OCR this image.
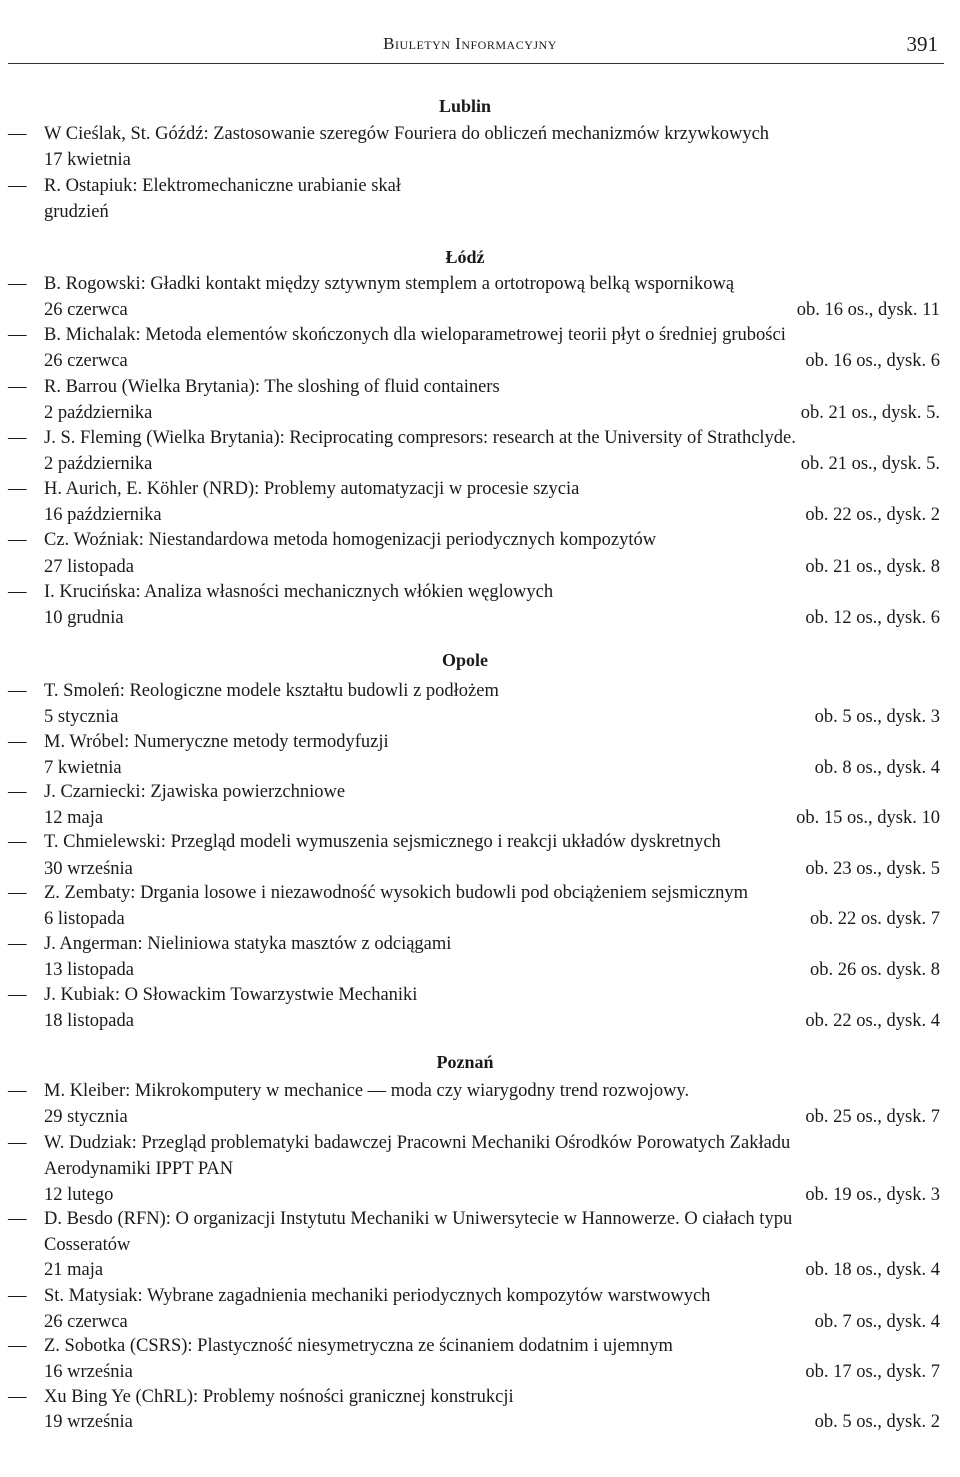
Biuletyn Informacyjny	391
Lublin
— W Cieślak, St. Góźdź: Zastosowanie szeregów Fouriera do obliczeń mechanizmów krzywkowych
17 kwietnia
— R. Ostapiuk: Elektromechaniczne urabianie skał
grudzień
Łódź
— B. Rogowski: Gładki kontakt między sztywnym stemplem a ortotropową belką wspornikową
26 czerwca	ob. 16 os., dysk. 11
— B. Michalak: Metoda elementów skończonych dla wieloparametrowej teorii płyt o średniej grubości
26 czerwca	ob. 16 os., dysk. 6
— R. Barrou (Wielka Brytania): The sloshing of fluid containers
2 października	ob. 21 os., dysk. 5.
— J. S. Fleming (Wielka Brytania): Reciprocating compresors: research at the University of Strathclyde.
2 października	ob. 21 os., dysk. 5.
— H. Aurich, E. Köhler (NRD): Problemy automatyzacji w procesie szycia
16 października	ob. 22 os., dysk. 2
— Cz. Woźniak: Niestandardowa metoda homogenizacji periodycznych kompozytów
27 listopada	ob. 21 os., dysk. 8
— I. Krucińska: Analiza własności mechanicznych włókien węglowych
10 grudnia	ob. 12 os., dysk. 6
Opole
— T. Smoleń: Reologiczne modele kształtu budowli z podłożem
5 stycznia	ob. 5 os., dysk. 3
— M. Wróbel: Numeryczne metody termodyfuzji
7 kwietnia	ob. 8 os., dysk. 4
— J. Czarniecki: Zjawiska powierzchniowe
12 maja	ob. 15 os., dysk. 10
— T. Chmielewski: Przegląd modeli wymuszenia sejsmicznego i reakcji układów dyskretnych
30 września	ob. 23 os., dysk. 5
— Z. Zembaty: Drgania losowe i niezawodność wysokich budowli pod obciążeniem sejsmicznym
6 listopada	ob. 22 os. dysk. 7
— J. Angerman: Nieliniowa statyka masztów z odciągami
13 listopada	ob. 26 os. dysk. 8
— J. Kubiak: O Słowackim Towarzystwie Mechaniki
18 listopada	ob. 22 os., dysk. 4
Poznań
— M. Kleiber: Mikrokomputery w mechanice — moda czy wiarygodny trend rozwojowy.
29 stycznia	ob. 25 os., dysk. 7
— W. Dudziak: Przegląd problematyki badawczej Pracowni Mechaniki Ośrodków Porowatych Zakładu
Aerodynamiki IPPT PAN
12 lutego	ob. 19 os., dysk. 3
— D. Besdo (RFN): O organizacji Instytutu Mechaniki w Uniwersytecie w Hannowerze. O ciałach typu
Cosseratów
21 maja	ob. 18 os., dysk. 4
— St. Matysiak: Wybrane zagadnienia mechaniki periodycznych kompozytów warstwowych
26 czerwca	ob. 7 os., dysk. 4
— Z. Sobotka (CSRS): Plastyczność niesymetryczna ze ścinaniem dodatnim i ujemnym
16 września	ob. 17 os., dysk. 7
— Xu Bing Ye (ChRL): Problemy nośności granicznej konstrukcji
19 września	ob. 5 os., dysk. 2
